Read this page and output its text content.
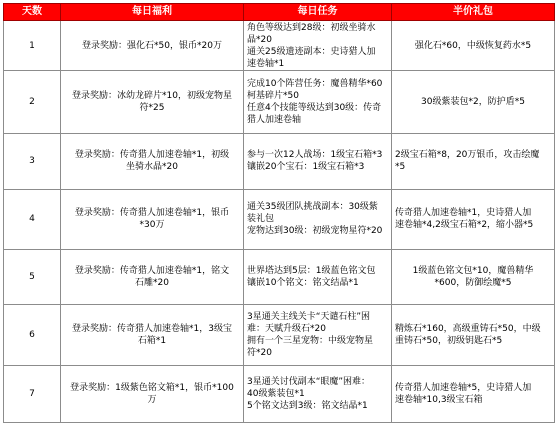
天数	每日福利	每日任务	半价礼包
1	登录奖励：强化石*50，银币*20万	角色等级达到28级：初级坐骑水
晶*20
通关25级遗迹副本：史诗猎人加
速卷轴*1	强化石*60，中级恢复药水*5

2	登录奖励：冰幼龙碎片*10，初级宠物星
符*25	完成10个阵营任务：魔兽精华*60
柯基碎片*50
任意4个技能等级达到30级：传奇
猎人加速卷轴	30级紫装包*2，防护盾*5

3	登录奖励：传奇猎人加速卷轴*1，初级
坐骑水晶*20	参与一次12人战场：1级宝石箱*3
镶嵌20个宝石：1级宝石箱*3	2级宝石箱*8，20万银币，攻击绘魔
*5

4	登录奖励：传奇猎人加速卷轴*1，银币
*30万	通关35级团队挑战副本：30级紫
装礼包
宠物达到30级：初级宠物星符*20	传奇猎人加速卷轴*1，史诗猎人加
速卷轴*4,2级宝石箱*2，缩小器*5

5	登录奖励：传奇猎人加速卷轴*1，铭文
石雕*20	世界塔达到5层：1级蓝色铭文包
镶嵌10个铭文：铭文结晶*1	1级蓝色铭文包*10，魔兽精华
*600，防御绘魔*5

6	登录奖励：传奇猎人加速卷轴*1，3级宝
石箱*1	3星通关主线关卡“天谴石柱”困
难：天赋升级石*20
拥有一个三星宠物：中级宠物星
符*20	精炼石*160，高级重铸石*50，中级
重铸石*50，初级钥匙石*5

7	登录奖励：1级紫色铭文箱*1，银币*100
万	3星通关讨伐副本“眼魔”困难：
40级紫装包*1
5个铭文达到3级：铭文结晶*1	传奇猎人加速卷轴*5，史诗猎人加
速卷轴*10,3级宝石箱
